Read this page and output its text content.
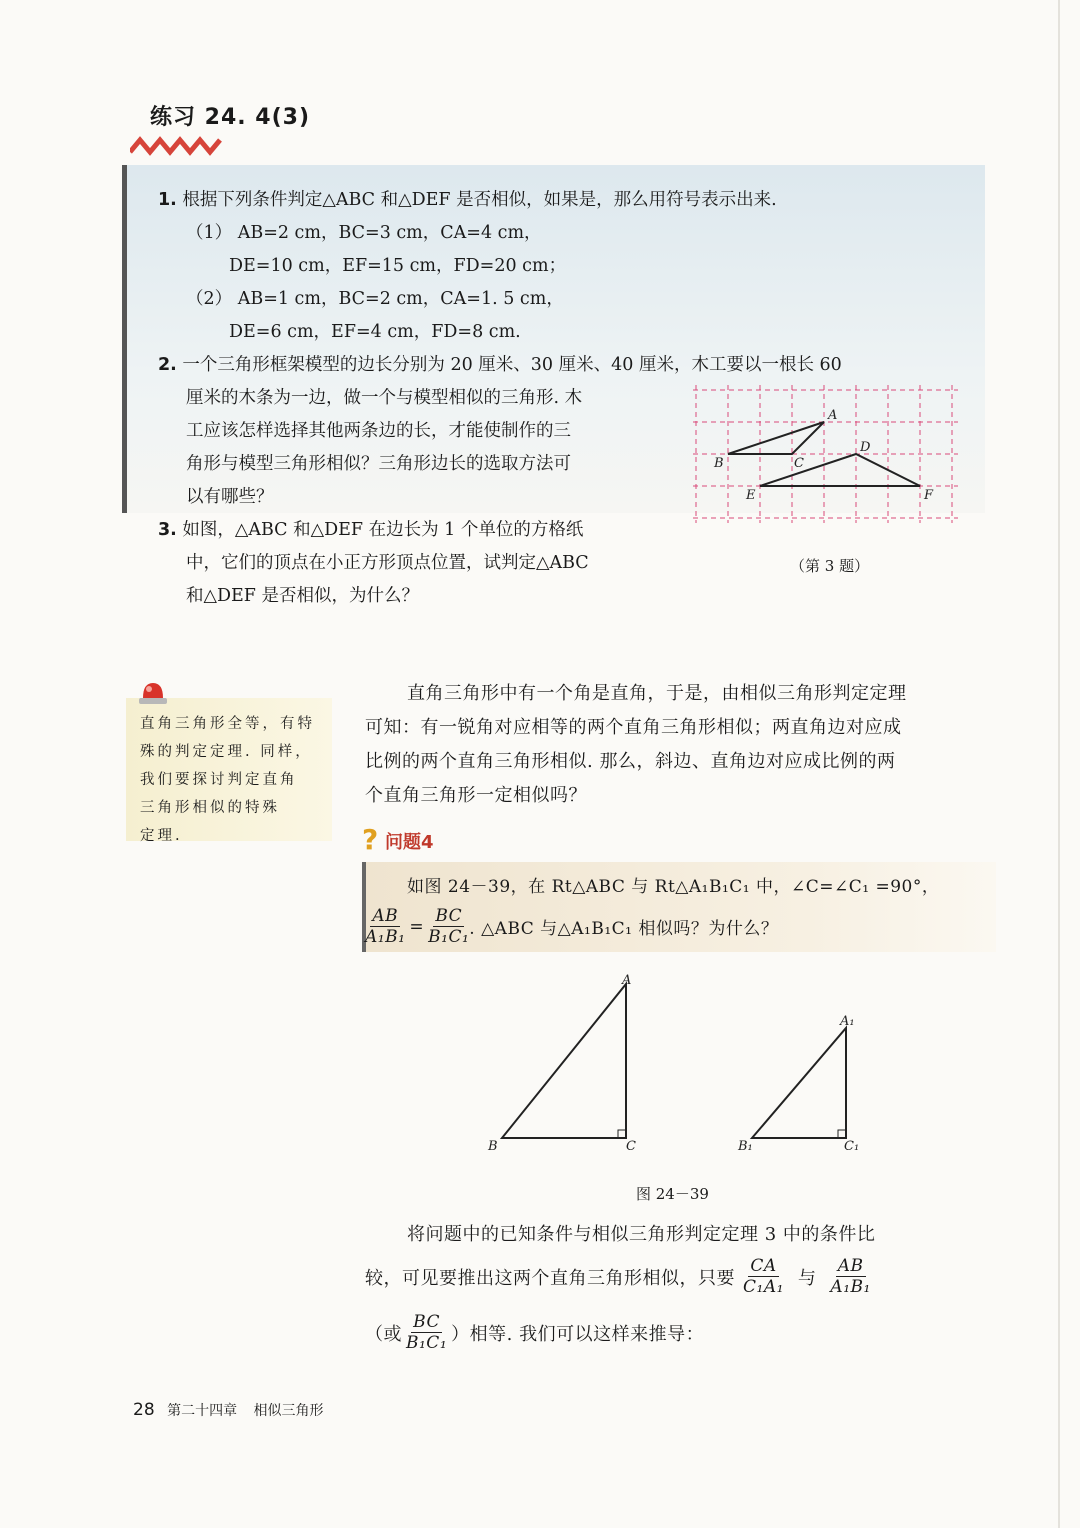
练习 24. 4(3)
1. 根据下列条件判定△ABC 和△DEF 是否相似，如果是，那么用符号表示出来.
（1） AB=2 cm，BC=3 cm，CA=4 cm，
DE=10 cm，EF=15 cm，FD=20 cm；
（2） AB=1 cm，BC=2 cm，CA=1. 5 cm，
DE=6 cm，EF=4 cm，FD=8 cm.
2. 一个三角形框架模型的边长分别为 20 厘米、30 厘米、40 厘米，木工要以一根长 60
厘米的木条为一边，做一个与模型相似的三角形. 木
工应该怎样选择其他两条边的长，才能使制作的三
角形与模型三角形相似？三角形边长的选取方法可
以有哪些？
3. 如图，△ABC 和△DEF 在边长为 1 个单位的方格纸
中，它们的顶点在小正方形顶点位置，试判定△ABC
和△DEF 是否相似，为什么？
A
B	C
D
E	F
（第 3 题）
直角三角形全等，有特
殊的判定定理. 同样，
我们要探讨判定直角
三角形相似的特殊
定理.
直角三角形中有一个角是直角，于是，由相似三角形判定定理
可知：有一锐角对应相等的两个直角三角形相似；两直角边对应成
比例的两个直角三角形相似. 那么，斜边、直角边对应成比例的两
个直角三角形一定相似吗？
? 问题4
如图 24－39，在 Rt△ABC 与 Rt△A₁B₁C₁ 中，∠C=∠C₁ =90°，
$\frac{AB}{\text{A₁B₁}} = \frac{BC}{\text{B₁C₁}}$ . △ABC 与△A₁B₁C₁ 相似吗？为什么？
A
B	C
A₁
B₁	C₁
图 24－39
将问题中的已知条件与相似三角形判定定理 3 中的条件比
较，可见要推出这两个直角三角形相似，只要 $\frac{CA}{\text{C₁A₁}}$ 与 $\frac{AB}{\text{A₁B₁}}$
（或 $\frac{BC}{\text{B₁C₁}}$ ）相等. 我们可以这样来推导：
28 第二十四章 相似三角形
